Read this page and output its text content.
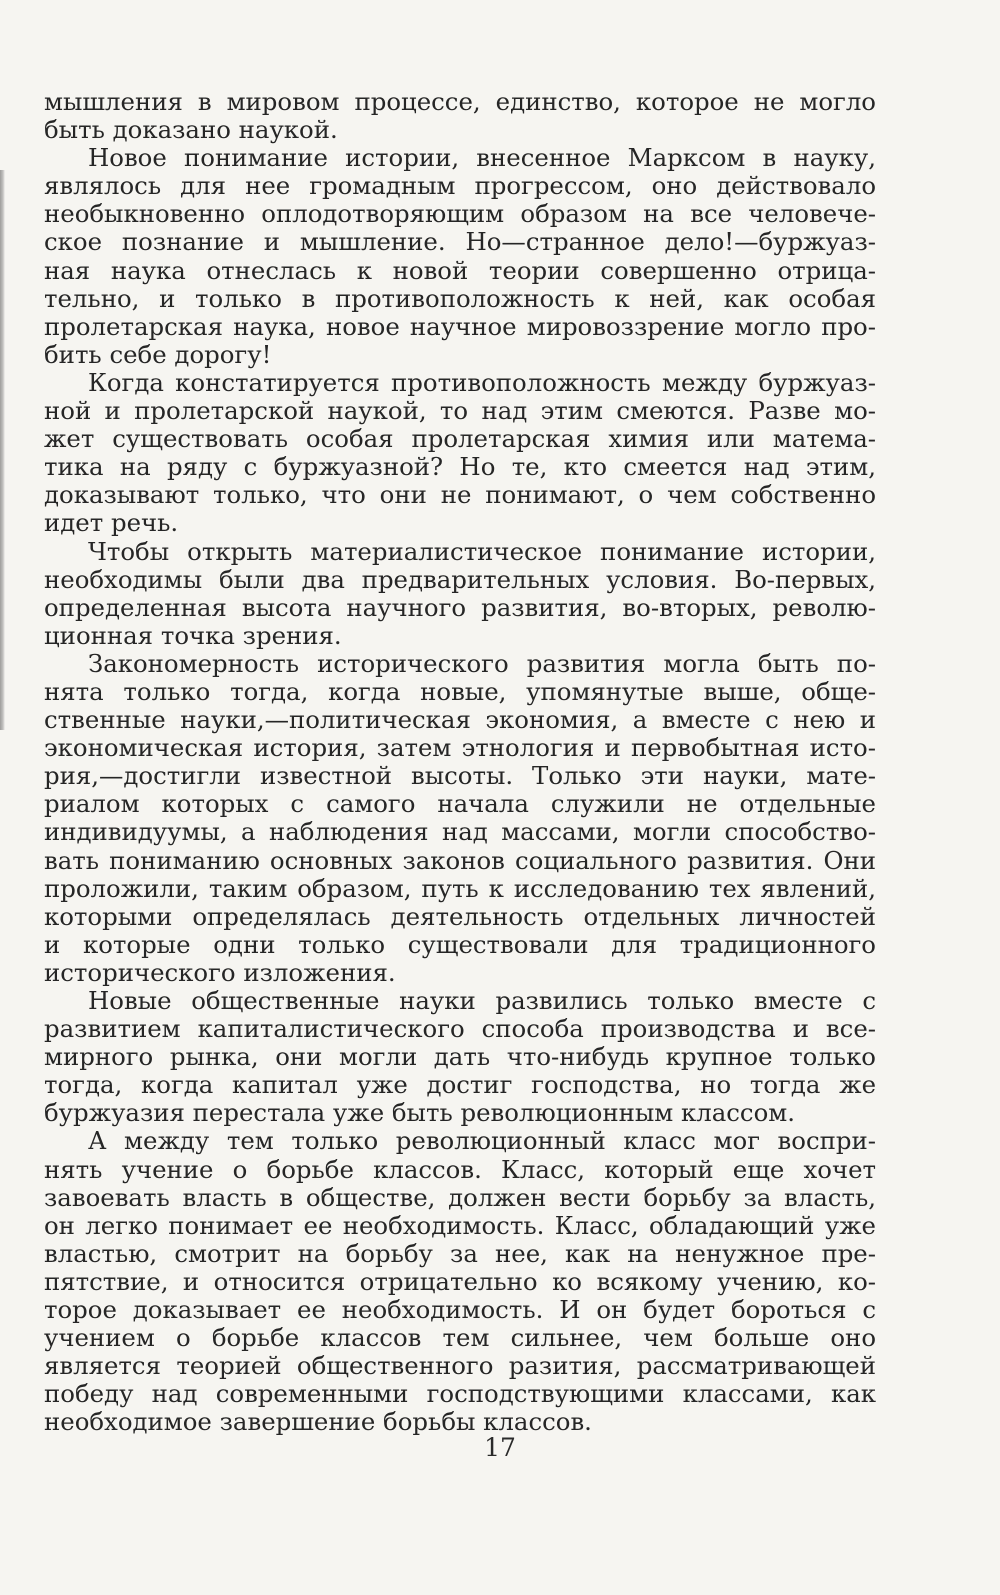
мышления в мировом процессе, единство, которое не могло
быть доказано наукой.
Новое понимание истории, внесенное Марксом в науку,
являлось для нее громадным прогрессом, оно действовало
необыкновенно оплодотворяющим образом на все человече-
ское познание и мышление. Но—странное дело!—буржуаз-
ная наука отнеслась к новой теории совершенно отрица-
тельно, и только в противоположность к ней, как особая
пролетарская наука, новое научное мировоззрение могло про-
бить себе дорогу!
Когда констатируется противоположность между буржуаз-
ной и пролетарской наукой, то над этим смеются. Разве мо-
жет существовать особая пролетарская химия или матема-
тика на ряду с буржуазной? Но те, кто смеется над этим,
доказывают только, что они не понимают, о чем собственно
идет речь.
Чтобы открыть материалистическое понимание истории,
необходимы были два предварительных условия. Во-первых,
определенная высота научного развития, во-вторых, револю-
ционная точка зрения.
Закономерность исторического развития могла быть по-
нята только тогда, когда новые, упомянутые выше, обще-
ственные науки,—политическая экономия, а вместе с нею и
экономическая история, затем этнология и первобытная исто-
рия,—достигли известной высоты. Только эти науки, мате-
риалом которых с самого начала служили не отдельные
индивидуумы, а наблюдения над массами, могли способство-
вать пониманию основных законов социального развития. Они
проложили, таким образом, путь к исследованию тех явлений,
которыми определялась деятельность отдельных личностей
и которые одни только существовали для традиционного
исторического изложения.
Новые общественные науки развились только вместе с
развитием капиталистического способа производства и все-
мирного рынка, они могли дать что-нибудь крупное только
тогда, когда капитал уже достиг господства, но тогда же
буржуазия перестала уже быть революционным классом.
А между тем только революционный класс мог воспри-
нять учение о борьбе классов. Класс, который еще хочет
завоевать власть в обществе, должен вести борьбу за власть,
он легко понимает ее необходимость. Класс, обладающий уже
властью, смотрит на борьбу за нее, как на ненужное пре-
пятствие, и относится отрицательно ко всякому учению, ко-
торое доказывает ее необходимость. И он будет бороться с
учением о борьбе классов тем сильнее, чем больше оно
является теорией общественного разития, рассматривающей
победу над современными господствующими классами, как
необходимое завершение борьбы классов.
17
